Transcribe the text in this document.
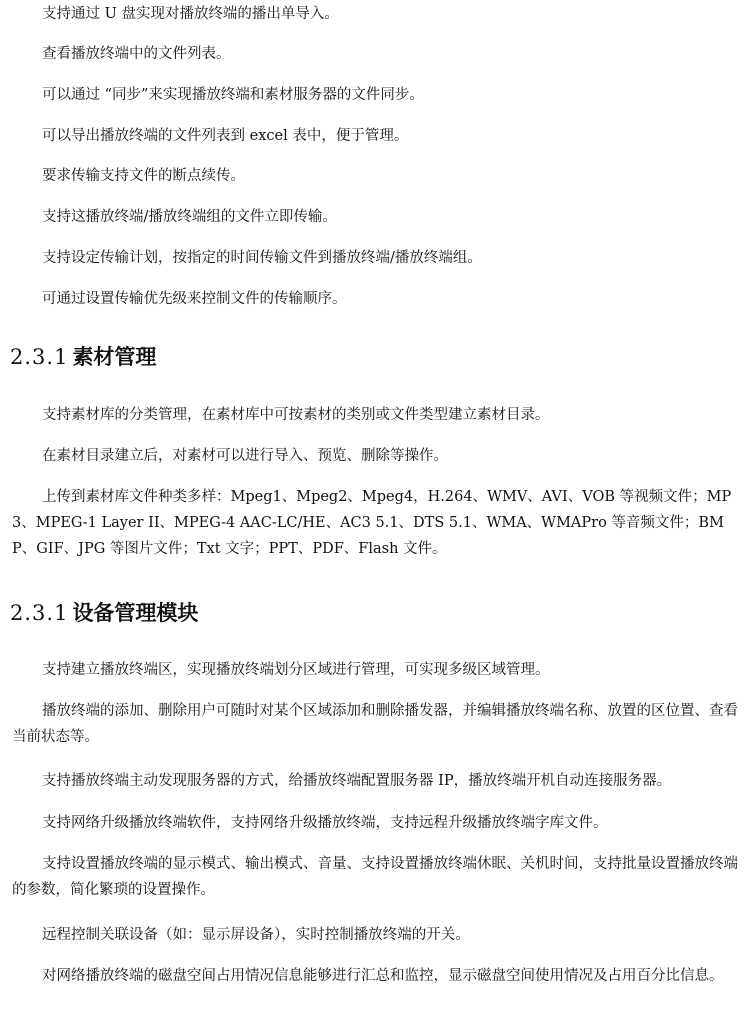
支持通过 U 盘实现对播放终端的播出单导入。

查看播放终端中的文件列表。

可以通过 “同步”来实现播放终端和素材服务器的文件同步。

可以导出播放终端的文件列表到 excel 表中，便于管理。

要求传输支持文件的断点续传。

支持这播放终端/播放终端组的文件立即传输。

支持设定传输计划，按指定的时间传输文件到播放终端/播放终端组。

可通过设置传输优先级来控制文件的传输顺序。

2.3.1 素材管理

支持素材库的分类管理，在素材库中可按素材的类别或文件类型建立素材目录。

在素材目录建立后，对素材可以进行导入、预览、删除等操作。

上传到素材库文件种类多样：Mpeg1、Mpeg2、Mpeg4，H.264、WMV、AVI、VOB 等视频文件；MP3、MPEG-1 Layer II、MPEG-4 AAC-LC/HE、AC3 5.1、DTS 5.1、WMA、WMAPro 等音频文件；BMP、GIF、JPG 等图片文件；Txt 文字；PPT、PDF、Flash 文件。

2.3.1 设备管理模块

支持建立播放终端区，实现播放终端划分区域进行管理，可实现多级区域管理。

播放终端的添加、删除用户可随时对某个区域添加和删除播发器，并编辑播放终端名称、放置的区位置、查看当前状态等。

支持播放终端主动发现服务器的方式，给播放终端配置服务器 IP，播放终端开机自动连接服务器。

支持网络升级播放终端软件，支持网络升级播放终端，支持远程升级播放终端字库文件。

支持设置播放终端的显示模式、输出模式、音量、支持设置播放终端休眠、关机时间，支持批量设置播放终端的参数，简化繁琐的设置操作。

远程控制关联设备（如：显示屏设备），实时控制播放终端的开关。

对网络播放终端的磁盘空间占用情况信息能够进行汇总和监控，显示磁盘空间使用情况及占用百分比信息。
